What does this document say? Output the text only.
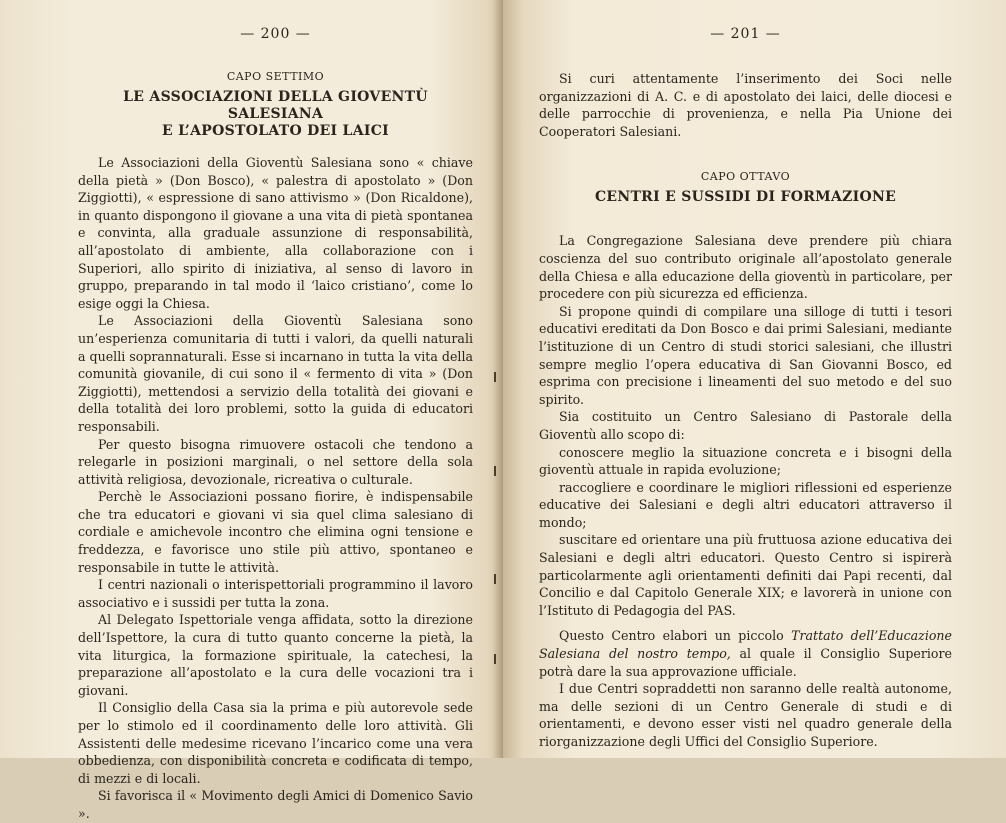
— 200 —
CAPO SETTIMO
LE ASSOCIAZIONI DELLA GIOVENTÙ SALESIANA
E L’APOSTOLATO DEI LAICI

Le Associazioni della Gioventù Salesiana sono « chiave della pietà » (Don Bosco), « palestra di apostolato » (Don Ziggiotti), « espressione di sano attivismo » (Don Ricaldone), in quanto dispongono il giovane a una vita di pietà spontanea e convinta, alla graduale assunzione di responsabilità, all’apostolato di ambiente, alla collaborazione con i Superiori, allo spirito di iniziativa, al senso di lavoro in gruppo, preparando in tal modo il ‘laico cristiano’, come lo esige oggi la Chiesa.

Le Associazioni della Gioventù Salesiana sono un’esperienza comunitaria di tutti i valori, da quelli naturali a quelli soprannaturali. Esse si incarnano in tutta la vita della comunità giovanile, di cui sono il « fermento di vita » (Don Ziggiotti), mettendosi a servizio della totalità dei giovani e della totalità dei loro problemi, sotto la guida di educatori responsabili.

Per questo bisogna rimuovere ostacoli che tendono a relegarle in posizioni marginali, o nel settore della sola attività religiosa, devozionale, ricreativa o culturale.

Perchè le Associazioni possano fiorire, è indispensabile che tra educatori e giovani vi sia quel clima salesiano di cordiale e amichevole incontro che elimina ogni tensione e freddezza, e favorisce uno stile più attivo, spontaneo e responsabile in tutte le attività.

I centri nazionali o interispettoriali programmino il lavoro associativo e i sussidi per tutta la zona.

Al Delegato Ispettoriale venga affidata, sotto la direzione dell’Ispettore, la cura di tutto quanto concerne la pietà, la vita liturgica, la formazione spirituale, la catechesi, la preparazione all’apostolato e la cura delle vocazioni tra i giovani.

Il Consiglio della Casa sia la prima e più autorevole sede per lo stimolo ed il coordinamento delle loro attività. Gli Assistenti delle medesime ricevano l’incarico come una vera obbedienza, con disponibilità concreta e codificata di tempo, di mezzi e di locali.

Si favorisca il « Movimento degli Amici di Domenico Savio ».

— 201 —

Si curi attentamente l’inserimento dei Soci nelle organizzazioni di A. C. e di apostolato dei laici, delle diocesi e delle parrocchie di provenienza, e nella Pia Unione dei Cooperatori Salesiani.

CAPO OTTAVO
CENTRI E SUSSIDI DI FORMAZIONE

La Congregazione Salesiana deve prendere più chiara coscienza del suo contributo originale all’apostolato generale della Chiesa e alla educazione della gioventù in particolare, per procedere con più sicurezza ed efficienza.

Si propone quindi di compilare una silloge di tutti i tesori educativi ereditati da Don Bosco e dai primi Salesiani, mediante l’istituzione di un Centro di studi storici salesiani, che illustri sempre meglio l’opera educativa di San Giovanni Bosco, ed esprima con precisione i lineamenti del suo metodo e del suo spirito.

Sia costituito un Centro Salesiano di Pastorale della Gioventù allo scopo di:

conoscere meglio la situazione concreta e i bisogni della gioventù attuale in rapida evoluzione;

raccogliere e coordinare le migliori riflessioni ed esperienze educative dei Salesiani e degli altri educatori attraverso il mondo;

suscitare ed orientare una più fruttuosa azione educativa dei Salesiani e degli altri educatori. Questo Centro si ispirerà particolarmente agli orientamenti definiti dai Papi recenti, dal Concilio e dal Capitolo Generale XIX; e lavorerà in unione con l’Istituto di Pedagogia del PAS.

Questo Centro elabori un piccolo Trattato dell’Educazione Salesiana del nostro tempo, al quale il Consiglio Superiore potrà dare la sua approvazione ufficiale.

I due Centri sopraddetti non saranno delle realtà autonome, ma delle sezioni di un Centro Generale di studi e di orientamenti, e devono esser visti nel quadro generale della riorganizzazione degli Uffici del Consiglio Superiore.
